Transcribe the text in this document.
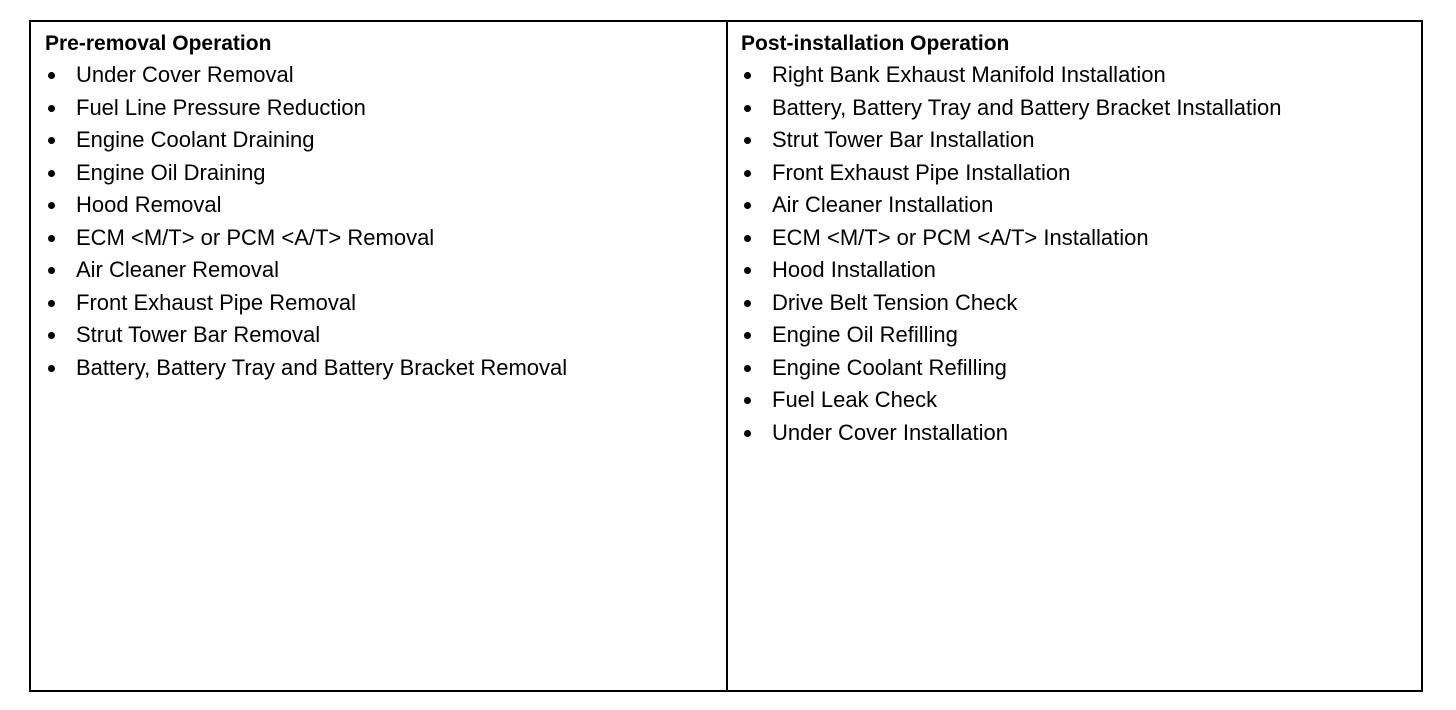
Pre-removal Operation
Under Cover Removal
Fuel Line Pressure Reduction
Engine Coolant Draining
Engine Oil Draining
Hood Removal
ECM <M/T> or PCM <A/T> Removal
Air Cleaner Removal
Front Exhaust Pipe Removal
Strut Tower Bar Removal
Battery, Battery Tray and Battery Bracket Removal
Post-installation Operation
Right Bank Exhaust Manifold Installation
Battery, Battery Tray and Battery Bracket Installation
Strut Tower Bar Installation
Front Exhaust Pipe Installation
Air Cleaner Installation
ECM <M/T> or PCM <A/T> Installation
Hood Installation
Drive Belt Tension Check
Engine Oil Refilling
Engine Coolant Refilling
Fuel Leak Check
Under Cover Installation
